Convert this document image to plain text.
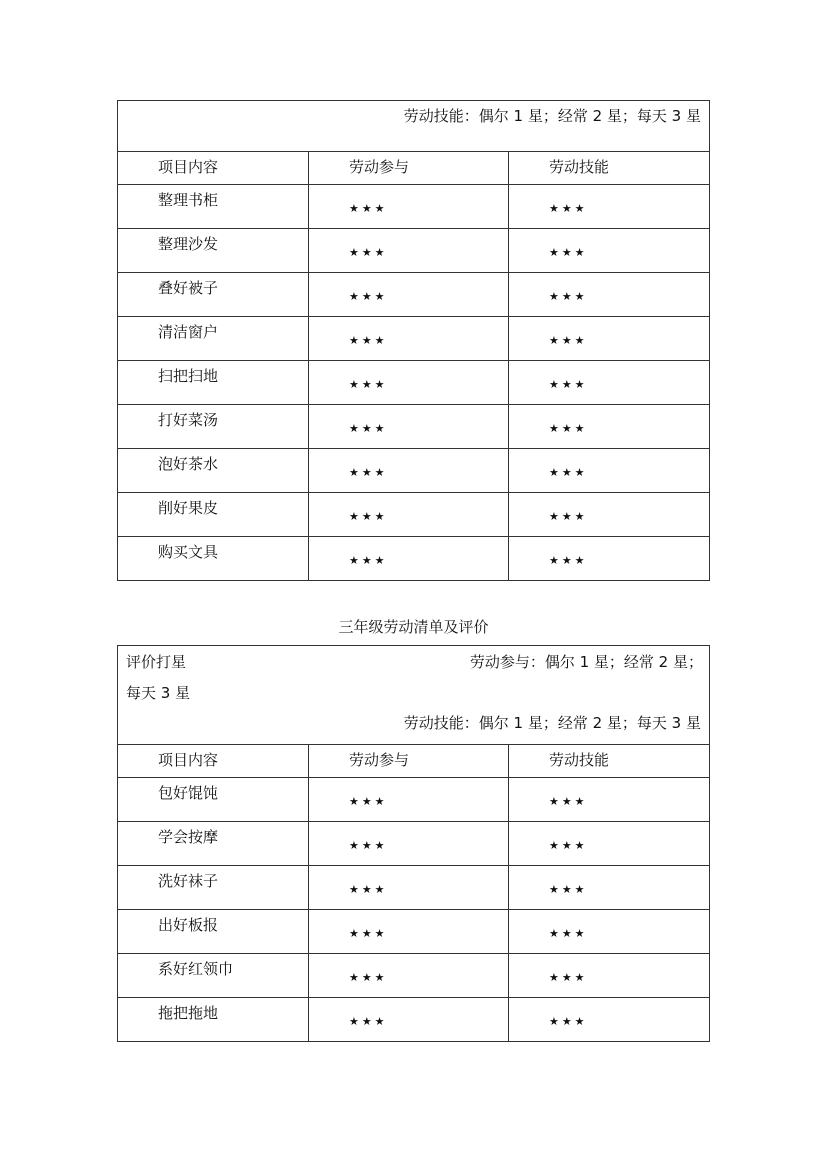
劳动技能：偶尔 1 星；经常 2 星；每天 3 星		

项目内容	劳动参与	劳动技能

整理书柜	★★★	★★★

整理沙发	★★★	★★★

叠好被子	★★★	★★★

清洁窗户	★★★	★★★

扫把扫地	★★★	★★★

打好菜汤	★★★	★★★

泡好茶水	★★★	★★★

削好果皮	★★★	★★★

购买文具	★★★	★★★
三年级劳动清单及评价
评价打星 劳动参与：偶尔 1 星；经常 2 星；
每天 3 星
劳动技能：偶尔 1 星；经常 2 星；每天 3 星		

项目内容	劳动参与	劳动技能

包好馄饨	★★★	★★★

学会按摩	★★★	★★★

洗好袜子	★★★	★★★

出好板报	★★★	★★★

系好红领巾	★★★	★★★

拖把拖地	★★★	★★★
